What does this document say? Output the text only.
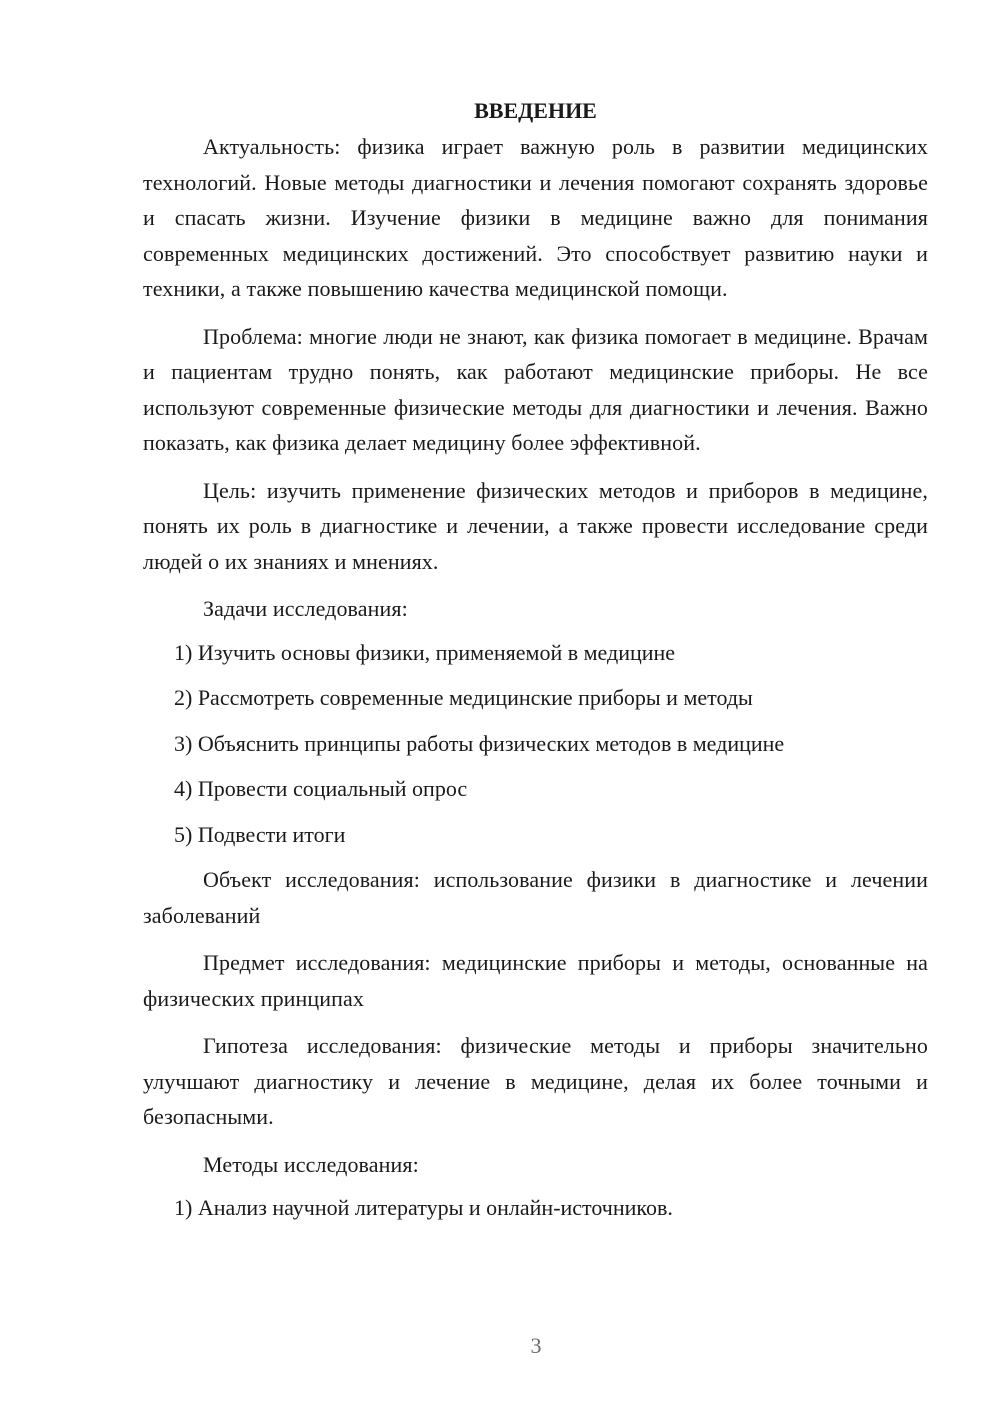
ВВЕДЕНИЕ

Актуальность: физика играет важную роль в развитии медицинских технологий. Новые методы диагностики и лечения помогают сохранять здоровье и спасать жизни. Изучение физики в медицине важно для понимания современных медицинских достижений. Это способствует развитию науки и техники, а также повышению качества медицинской помощи.

Проблема: многие люди не знают, как физика помогает в медицине. Врачам и пациентам трудно понять, как работают медицинские приборы. Не все используют современные физические методы для диагностики и лечения. Важно показать, как физика делает медицину более эффективной.

Цель: изучить применение физических методов и приборов в медицине, понять их роль в диагностике и лечении, а также провести исследование среди людей о их знаниях и мнениях.

Задачи исследования:

1) Изучить основы физики, применяемой в медицине
2) Рассмотреть современные медицинские приборы и методы
3) Объяснить принципы работы физических методов в медицине
4) Провести социальный опрос
5) Подвести итоги

Объект исследования: использование физики в диагностике и лечении заболеваний

Предмет исследования: медицинские приборы и методы, основанные на физических принципах

Гипотеза исследования: физические методы и приборы значительно улучшают диагностику и лечение в медицине, делая их более точными и безопасными.

Методы исследования:

1) Анализ научной литературы и онлайн-источников.
3
